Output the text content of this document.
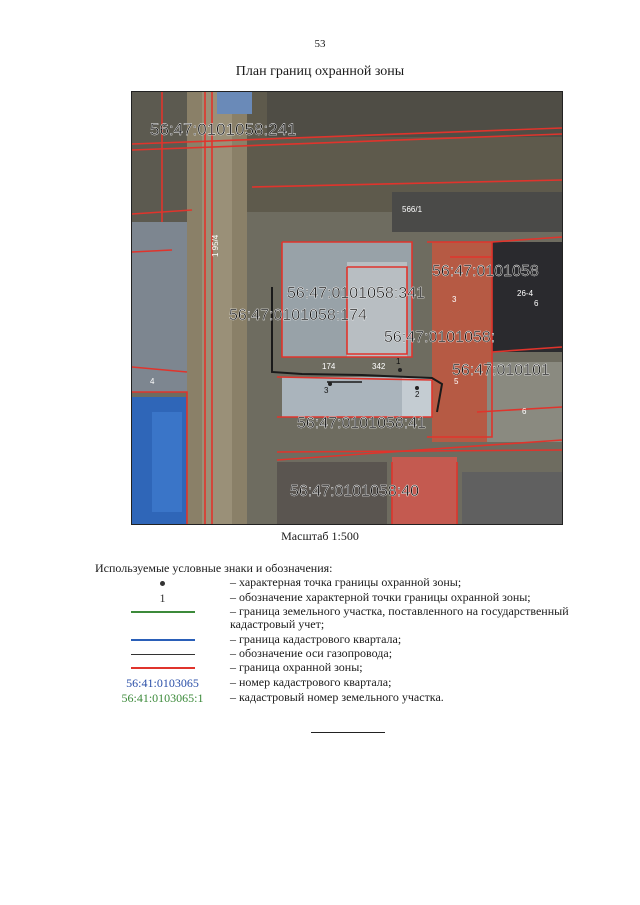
53
План границ охранной зоны
56:47:0101058:241
56:47:0101058:341
56:47:0101058:174
56:47:0101058:
56:47:0101058
56:47:010101
56:47:0101058:41
56:47:0101058:40
566/1
1 95/4
174	342
3
4	5
6
6
26-4
1
2
3
Масштаб 1:500
Используемые условные знаки и обозначения:
– характерная точка границы охранной зоны;
1	– обозначение характерной точки границы охранной зоны;
– граница земельного участка, поставленного на государственный кадастровый учет;
– граница кадастрового квартала;
– обозначение оси газопровода;
– граница охранной зоны;
56:41:0103065	– номер кадастрового квартала;
56:41:0103065:1 – кадастровый номер земельного участка.
